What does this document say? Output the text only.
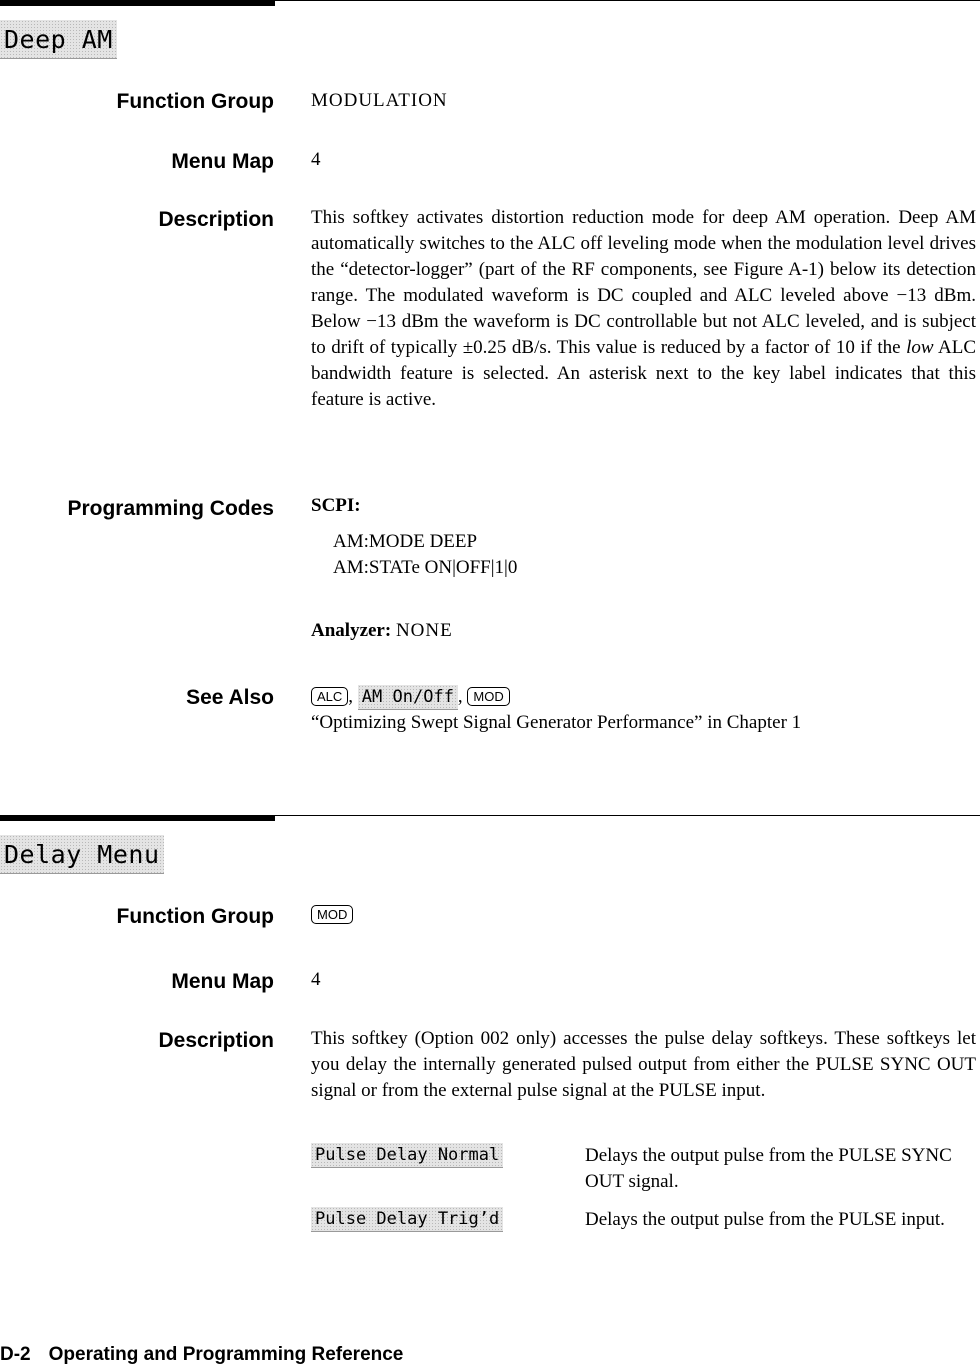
Deep AM
Function Group MODULATION
Menu Map 4
Description This softkey activates distortion reduction mode for deep AM operation. Deep AM automatically switches to the ALC off leveling mode when the modulation level drives the “detector-logger” (part of the RF components, see Figure A-1) below its detection range. The modulated waveform is DC coupled and ALC leveled above −13 dBm. Below −13 dBm the waveform is DC controllable but not ALC leveled, and is subject to drift of typically ±0.25 dB/s. This value is reduced by a factor of 10 if the low ALC bandwidth feature is selected. An asterisk next to the key label indicates that this feature is active.

Programming Codes SCPI:
AM:MODE DEEP
AM:STATe ON|OFF|1|0
Analyzer: NONE
See Also	ALC , AM On/Off , MOD
“Optimizing Swept Signal Generator Performance” in Chapter 1
Delay Menu
Function Group	MOD
Menu Map 4
Description This softkey (Option 002 only) accesses the pulse delay softkeys. These softkeys let you delay the internally generated pulsed output from either the PULSE SYNC OUT signal or from the external pulse signal at the PULSE input.

Pulse Delay Normal	Delays the output pulse from the PULSE SYNC OUT signal.
Pulse Delay Trig’d	Delays the output pulse from the PULSE input.
D-2 Operating and Programming Reference
